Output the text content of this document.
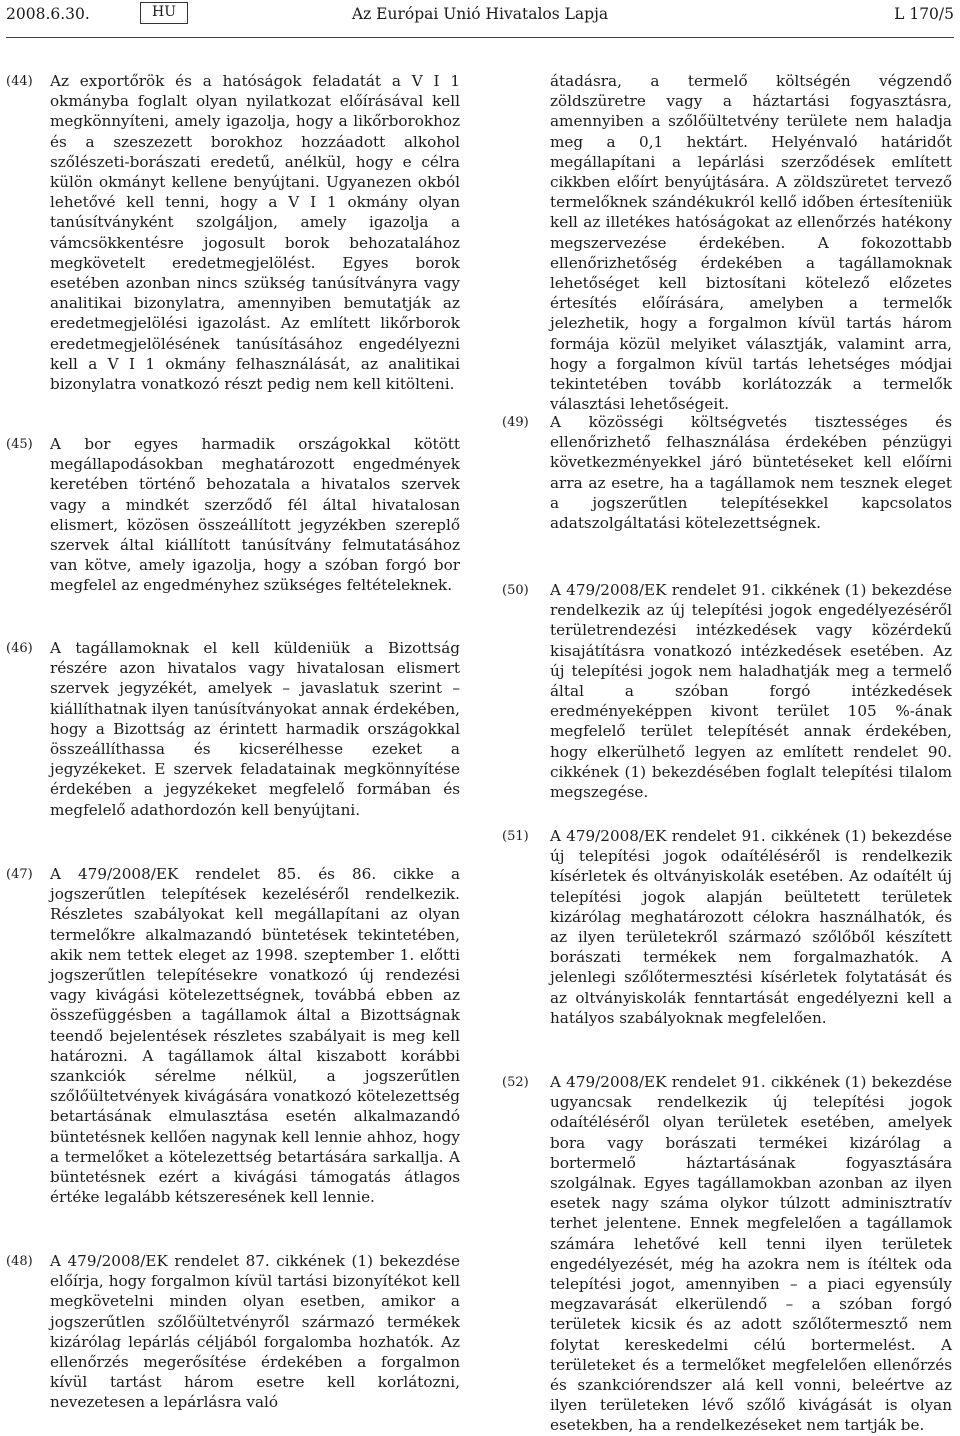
2008.6.30.	HU	Az Európai Unió Hivatalos Lapja	L 170/5
(44) Az exportőrök és a hatóságok feladatát a V I 1 okmányba foglalt olyan nyilatkozat előírásával kell megkönnyíteni, amely igazolja, hogy a likőrborokhoz és a szeszezett borokhoz hozzáadott alkohol szőlészeti-borászati eredetű, anélkül, hogy e célra külön okmányt kellene benyújtani. Ugyanezen okból lehetővé kell tenni, hogy a V I 1 okmány olyan tanúsítványként szolgáljon, amely igazolja a vámcsökkentésre jogosult borok behozatalához megkövetelt eredetmegjelölést. Egyes borok esetében azonban nincs szükség tanúsítványra vagy analitikai bizonylatra, amennyiben bemutatják az eredetmegjelölési igazolást. Az említett likőrborok eredetmegjelölésének tanúsításához engedélyezni kell a V I 1 okmány felhasználását, az analitikai bizonylatra vonatkozó részt pedig nem kell kitölteni.

(45) A bor egyes harmadik országokkal kötött megállapodásokban meghatározott engedmények keretében történő behozatala a hivatalos szervek vagy a mindkét szerződő fél által hivatalosan elismert, közösen összeállított jegyzékben szereplő szervek által kiállított tanúsítvány felmutatásához van kötve, amely igazolja, hogy a szóban forgó bor megfelel az engedményhez szükséges feltételeknek.

(46) A tagállamoknak el kell küldeniük a Bizottság részére azon hivatalos vagy hivatalosan elismert szervek jegyzékét, amelyek – javaslatuk szerint – kiállíthatnak ilyen tanúsítványokat annak érdekében, hogy a Bizottság az érintett harmadik országokkal összeállíthassa és kicserélhesse ezeket a jegyzékeket. E szervek feladatainak megkönnyítése érdekében a jegyzékeket megfelelő formában és megfelelő adathordozón kell benyújtani.

(47) A 479/2008/EK rendelet 85. és 86. cikke a jogszerűtlen telepítések kezeléséről rendelkezik. Részletes szabályokat kell megállapítani az olyan termelőkre alkalmazandó büntetések tekintetében, akik nem tettek eleget az 1998. szeptember 1. előtti jogszerűtlen telepítésekre vonatkozó új rendezési vagy kivágási kötelezettségnek, továbbá ebben az összefüggésben a tagállamok által a Bizottságnak teendő bejelentések részletes szabályait is meg kell határozni. A tagállamok által kiszabott korábbi szankciók sérelme nélkül, a jogszerűtlen szőlőültetvények kivágására vonatkozó kötelezettség betartásának elmulasztása esetén alkalmazandó büntetésnek kellően nagynak kell lennie ahhoz, hogy a termelőket a kötelezettség betartására sarkallja. A büntetésnek ezért a kivágási támogatás átlagos értéke legalább kétszeresének kell lennie.

(48) A 479/2008/EK rendelet 87. cikkének (1) bekezdése előírja, hogy forgalmon kívül tartási bizonyítékot kell megkövetelni minden olyan esetben, amikor a jogszerűtlen szőlőültetvényről származó termékek kizárólag lepárlás céljából forgalomba hozhatók. Az ellenőrzés megerősítése érdekében a forgalmon kívül tartást három esetre kell korlátozni, nevezetesen a lepárlásra való

átadásra, a termelő költségén végzendő zöldszüretre vagy a háztartási fogyasztásra, amennyiben a szőlőültetvény területe nem haladja meg a 0,1 hektárt. Helyénvaló határidőt megállapítani a lepárlási szerződések említett cikkben előírt benyújtására. A zöldszüretet tervező termelőknek szándékukról kellő időben értesíteniük kell az illetékes hatóságokat az ellenőrzés hatékony megszervezése érdekében. A fokozottabb ellenőrizhetőség érdekében a tagállamoknak lehetőséget kell biztosítani kötelező előzetes értesítés előírására, amelyben a termelők jelezhetik, hogy a forgalmon kívül tartás három formája közül melyiket választják, valamint arra, hogy a forgalmon kívül tartás lehetséges módjai tekintetében tovább korlátozzák a termelők választási lehetőségeit.

(49) A közösségi költségvetés tisztességes és ellenőrizhető felhasználása érdekében pénzügyi következményekkel járó büntetéseket kell előírni arra az esetre, ha a tagállamok nem tesznek eleget a jogszerűtlen telepítésekkel kapcsolatos adatszolgáltatási kötelezettségnek.

(50) A 479/2008/EK rendelet 91. cikkének (1) bekezdése rendelkezik az új telepítési jogok engedélyezéséről területrendezési intézkedések vagy közérdekű kisajátításra vonatkozó intézkedések esetében. Az új telepítési jogok nem haladhatják meg a termelő által a szóban forgó intézkedések eredményeképpen kivont terület 105 %-ának megfelelő terület telepítését annak érdekében, hogy elkerülhető legyen az említett rendelet 90. cikkének (1) bekezdésében foglalt telepítési tilalom megszegése.

(51) A 479/2008/EK rendelet 91. cikkének (1) bekezdése új telepítési jogok odaítéléséről is rendelkezik kísérletek és oltványiskolák esetében. Az odaítélt új telepítési jogok alapján beültetett területek kizárólag meghatározott célokra használhatók, és az ilyen területekről származó szőlőből készített borászati termékek nem forgalmazhatók. A jelenlegi szőlőtermesztési kísérletek folytatását és az oltványiskolák fenntartását engedélyezni kell a hatályos szabályoknak megfelelően.

(52) A 479/2008/EK rendelet 91. cikkének (1) bekezdése ugyancsak rendelkezik új telepítési jogok odaítéléséről olyan területek esetében, amelyek bora vagy borászati termékei kizárólag a bortermelő háztartásának fogyasztására szolgálnak. Egyes tagállamokban azonban az ilyen esetek nagy száma olykor túlzott adminisztratív terhet jelentene. Ennek megfelelően a tagállamok számára lehetővé kell tenni ilyen területek engedélyezését, még ha azokra nem is ítéltek oda telepítési jogot, amennyiben – a piaci egyensúly megzavarását elkerülendő – a szóban forgó területek kicsik és az adott szőlőtermesztő nem folytat kereskedelmi célú bortermelést. A területeket és a termelőket megfelelően ellenőrzés és szankciórendszer alá kell vonni, beleértve az ilyen területeken lévő szőlő kivágását is olyan esetekben, ha a rendelkezéseket nem tartják be.
